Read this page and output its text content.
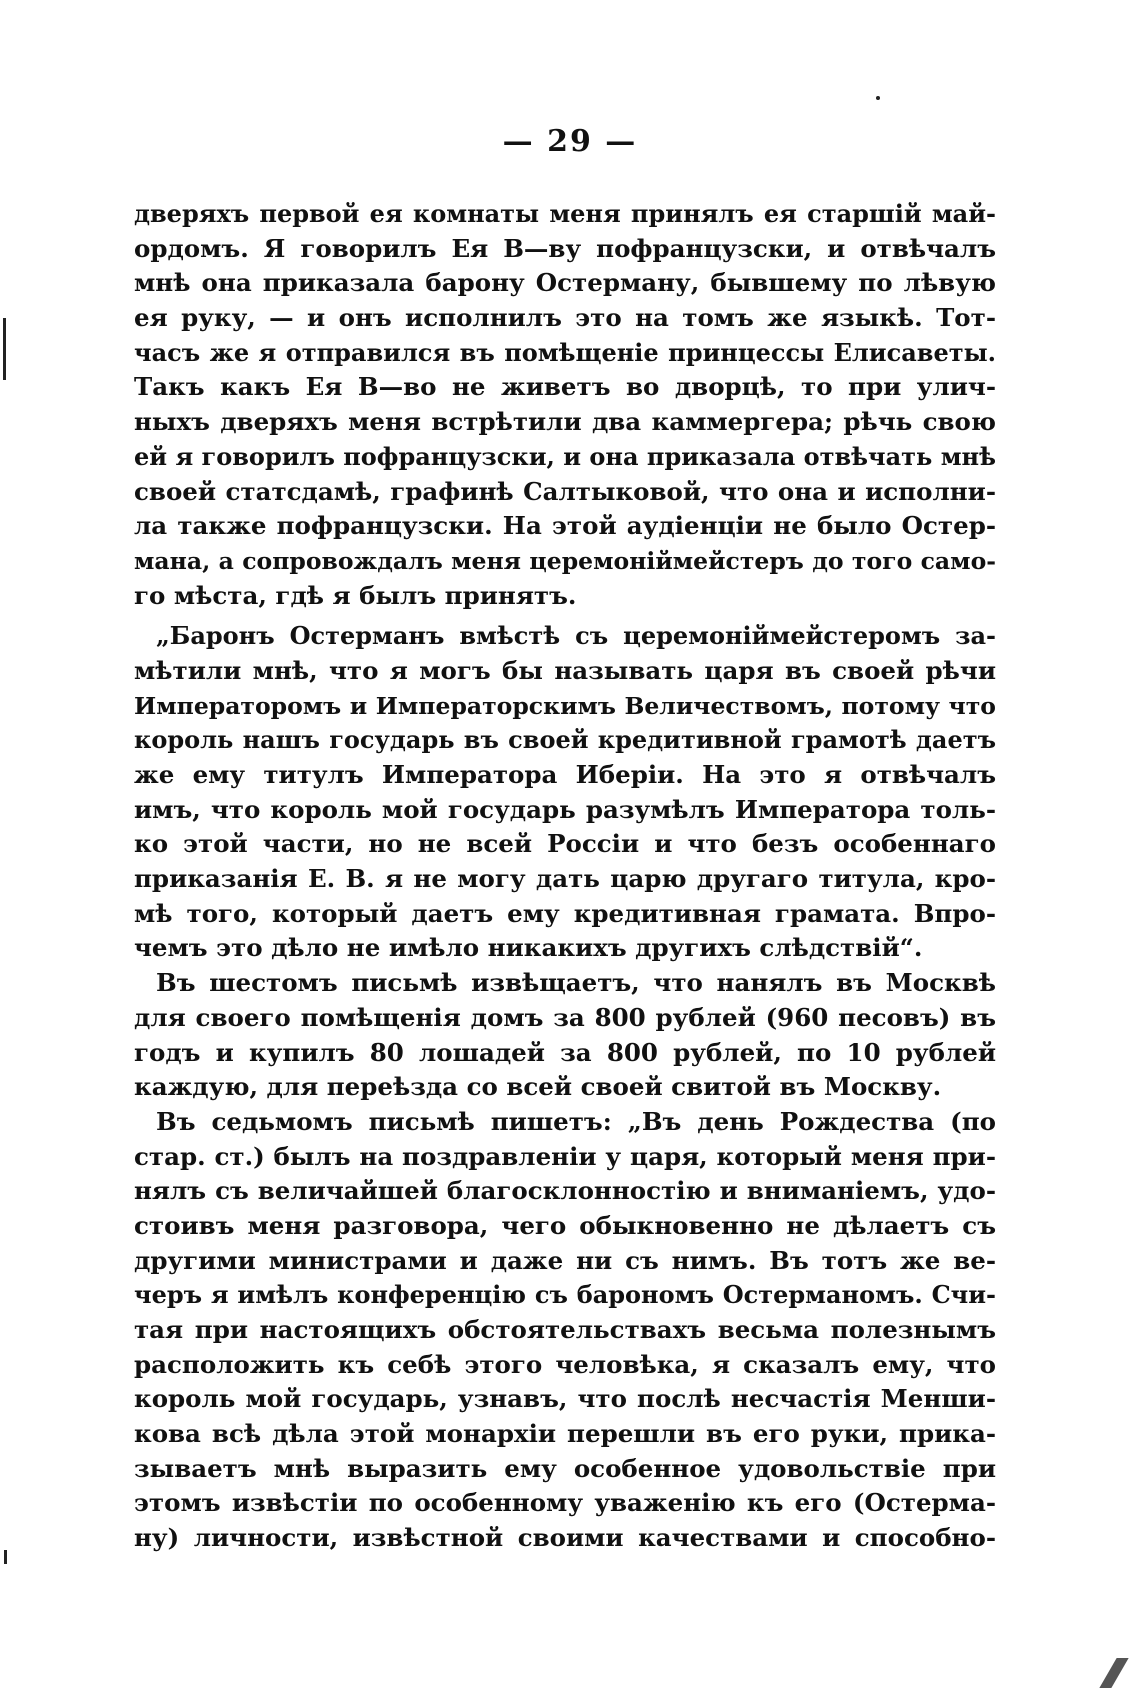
— 29 —
дверяхъ первой ея комнаты меня принялъ ея старшій май-
ордомъ. Я говорилъ Ея В—ву пофранцузски, и отвѣчалъ
мнѣ она приказала барону Остерману, бывшему по лѣвую
ея руку, — и онъ исполнилъ это на томъ же языкѣ. Тот-
часъ же я отправился въ помѣщеніе принцессы Елисаветы.
Такъ какъ Ея В—во не живетъ во дворцѣ, то при улич-
ныхъ дверяхъ меня встрѣтили два каммергера; рѣчь свою
ей я говорилъ пофранцузски, и она приказала отвѣчать мнѣ
своей статсдамѣ, графинѣ Салтыковой, что она и исполни-
ла также пофранцузски. На этой аудіенціи не было Остер-
мана, а сопровождалъ меня церемоніймейстеръ до того само-
го мѣста, гдѣ я былъ принятъ.
„Баронъ Остерманъ вмѣстѣ съ церемоніймейстеромъ за-
мѣтили мнѣ, что я могъ бы называть царя въ своей рѣчи
Императоромъ и Императорскимъ Величествомъ, потому что
король нашъ государь въ своей кредитивной грамотѣ даетъ
же ему титулъ Императора Иберіи. На это я отвѣчалъ
имъ, что король мой государь разумѣлъ Императора толь-
ко этой части, но не всей Россіи и что безъ особеннаго
приказанія Е. В. я не могу дать царю другаго титула, кро-
мѣ того, который даетъ ему кредитивная грамата. Впро-
чемъ это дѣло не имѣло никакихъ другихъ слѣдствій“.
Въ шестомъ письмѣ извѣщаетъ, что нанялъ въ Москвѣ
для своего помѣщенія домъ за 800 рублей (960 песовъ) въ
годъ и купилъ 80 лошадей за 800 рублей, по 10 рублей
каждую, для переѣзда со всей своей свитой въ Москву.
Въ седьмомъ письмѣ пишетъ: „Въ день Рождества (по
стар. ст.) былъ на поздравленіи у царя, который меня при-
нялъ съ величайшей благосклонностію и вниманіемъ, удо-
стоивъ меня разговора, чего обыкновенно не дѣлаетъ съ
другими министрами и даже ни съ нимъ. Въ тотъ же ве-
черъ я имѣлъ конференцію съ барономъ Остерманомъ. Счи-
тая при настоящихъ обстоятельствахъ весьма полезнымъ
расположить къ себѣ этого человѣка, я сказалъ ему, что
король мой государь, узнавъ, что послѣ несчастія Менши-
кова всѣ дѣла этой монархіи перешли въ его руки, прика-
зываетъ мнѣ выразить ему особенное удовольствіе при
этомъ извѣстіи по особенному уваженію къ его (Остерма-
ну) личности, извѣстной своими качествами и способно-
